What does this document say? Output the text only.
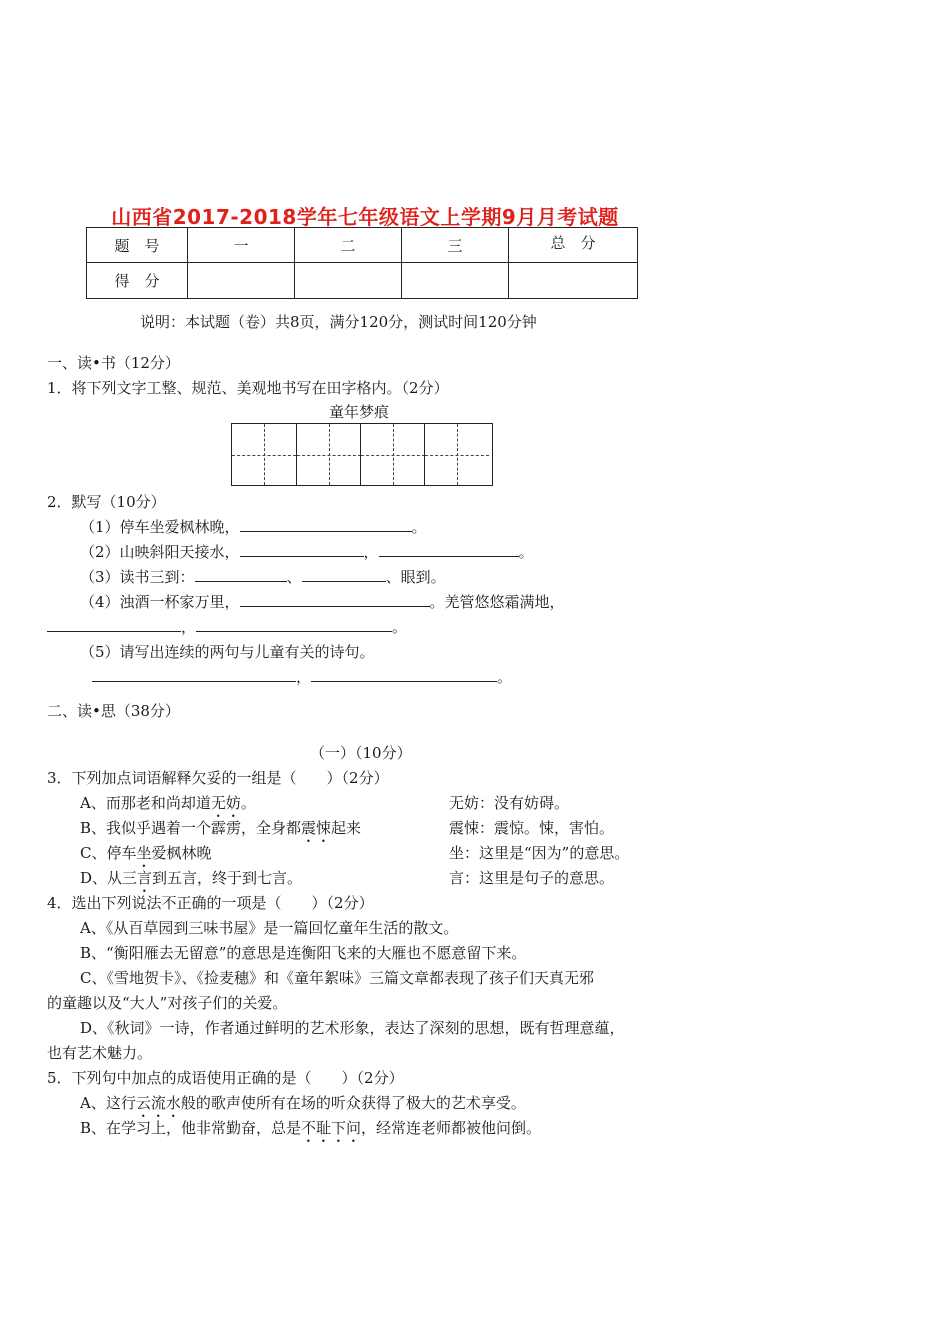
山西省2017-2018学年七年级语文上学期9月月考试题
题　号	一	二	三	总　分
得　分				
说明：本试题（卷）共8页，满分120分，测试时间120分钟
一、读•书（12分）
1．将下列文字工整、规范、美观地书写在田字格内。（2分）
童年梦痕
2．默写（10分）
（1）停车坐爱枫林晚，	。
（2）山映斜阳天接水，	，	。
（3）读书三到：	、	、眼到。
（4）浊酒一杯家万里，	。羌管悠悠霜满地，
，	。
（5）请写出连续的两句与儿童有关的诗句。
，	。
二、读•思（38分）
（一）（10分）
3．下列加点词语解释欠妥的一组是（　　）（2分）
A、而那老和尚却道无妨。	无妨：没有妨碍。
B、我似乎遇着一个霹雳，全身都震悚起来	震悚：震惊。悚，害怕。
C、停车坐爱枫林晚	坐：这里是“因为”的意思。
D、从三言到五言，终于到七言。	言：这里是句子的意思。
4．选出下列说法不正确的一项是（　　）（2分）
A、《从百草园到三味书屋》是一篇回忆童年生活的散文。
B、“衡阳雁去无留意”的意思是连衡阳飞来的大雁也不愿意留下来。
C、《雪地贺卡》、《捡麦穗》和《童年絮味》三篇文章都表现了孩子们天真无邪
的童趣以及“大人”对孩子们的关爱。
D、《秋词》一诗，作者通过鲜明的艺术形象，表达了深刻的思想，既有哲理意蕴，
也有艺术魅力。
5．下列句中加点的成语使用正确的是（　　）（2分）
A、这行云流水般的歌声使所有在场的听众获得了极大的艺术享受。
B、在学习上，他非常勤奋，总是不耻下问，经常连老师都被他问倒。
